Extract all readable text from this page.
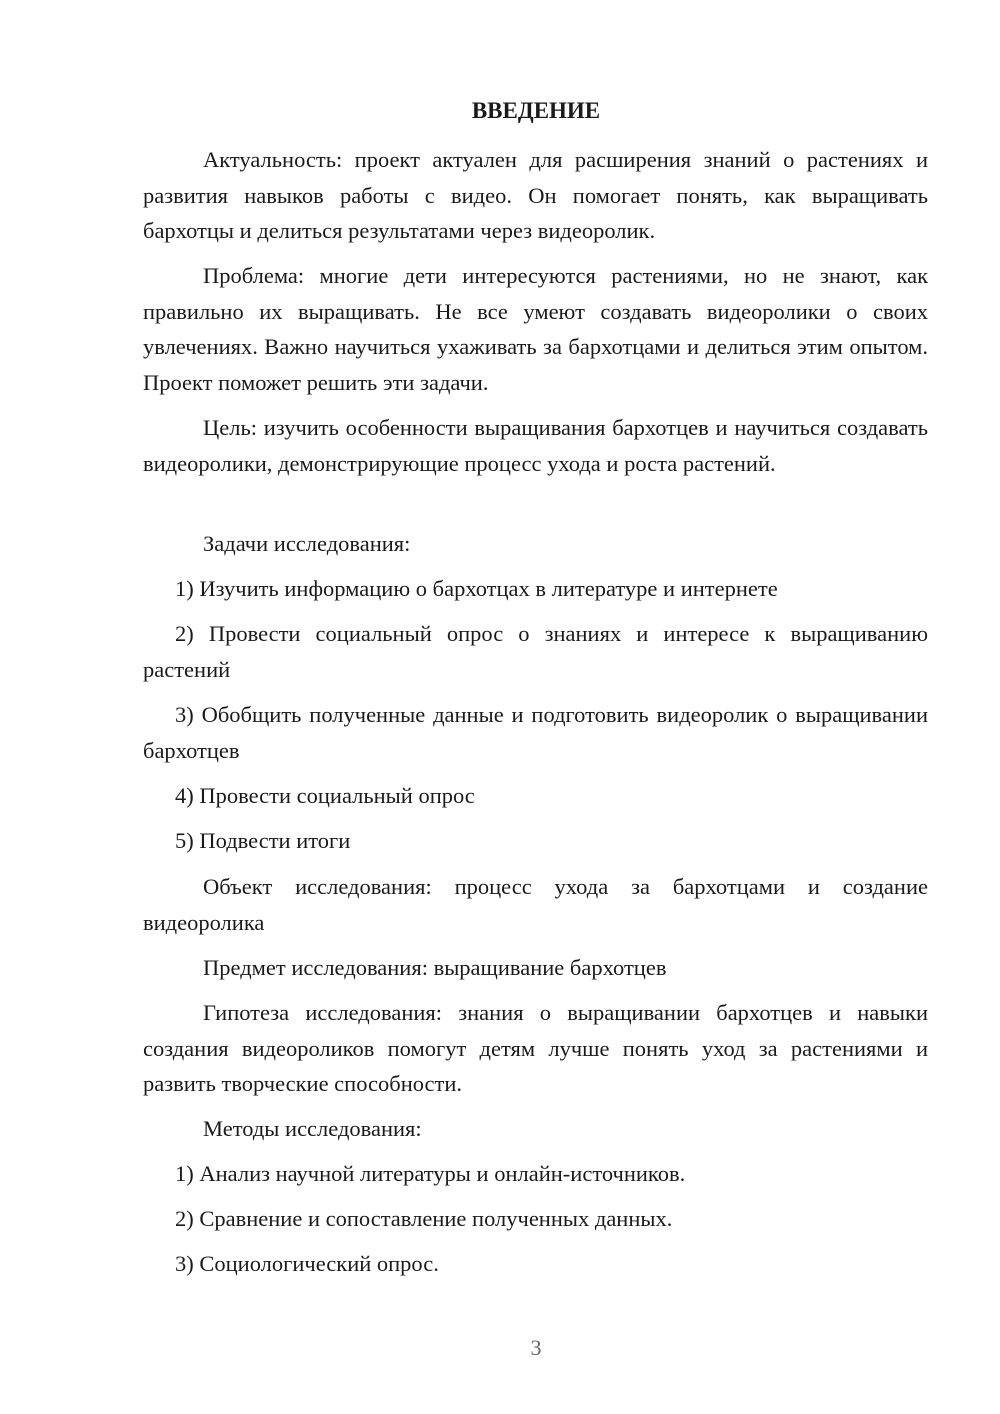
ВВЕДЕНИЕ

Актуальность: проект актуален для расширения знаний о растениях и развития навыков работы с видео. Он помогает понять, как выращивать бархотцы и делиться результатами через видеоролик.

Проблема: многие дети интересуются растениями, но не знают, как правильно их выращивать. Не все умеют создавать видеоролики о своих увлечениях. Важно научиться ухаживать за бархотцами и делиться этим опытом. Проект поможет решить эти задачи.

Цель: изучить особенности выращивания бархотцев и научиться создавать видеоролики, демонстрирующие процесс ухода и роста растений.

Задачи исследования:

1) Изучить информацию о бархотцах в литературе и интернете

2) Провести социальный опрос о знаниях и интересе к выращиванию растений

3) Обобщить полученные данные и подготовить видеоролик о выращивании бархотцев

4) Провести социальный опрос

5) Подвести итоги

Объект исследования: процесс ухода за бархотцами и создание видеоролика

Предмет исследования: выращивание бархотцев

Гипотеза исследования: знания о выращивании бархотцев и навыки создания видеороликов помогут детям лучше понять уход за растениями и развить творческие способности.

Методы исследования:

1) Анализ научной литературы и онлайн-источников.

2) Сравнение и сопоставление полученных данных.

3) Социологический опрос.

3
